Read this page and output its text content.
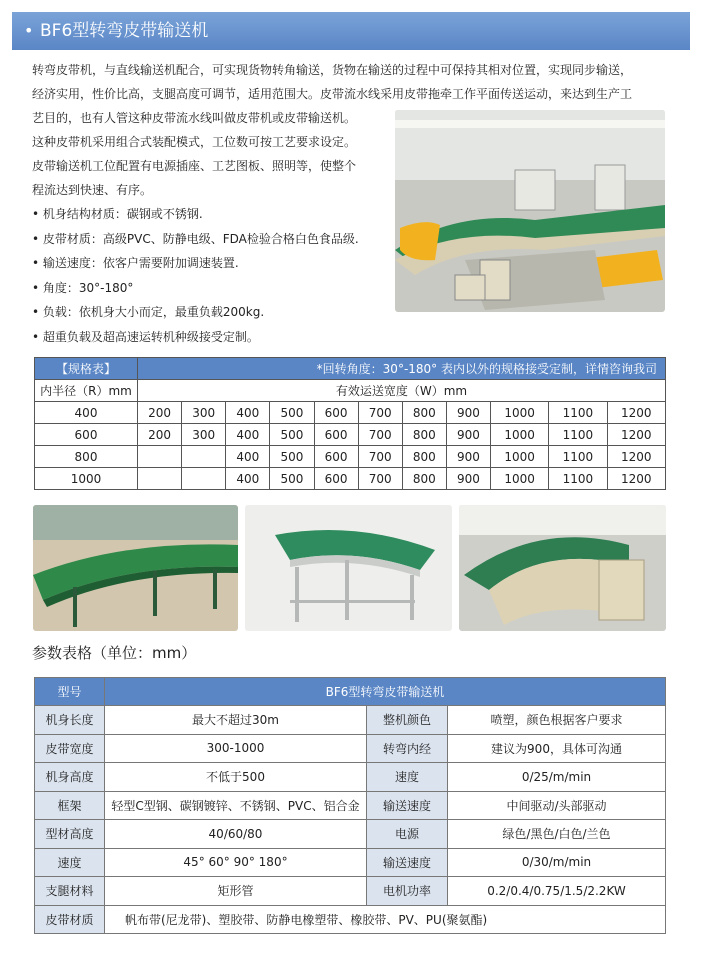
• BF6型转弯皮带输送机

转弯皮带机，与直线输送机配合，可实现货物转角输送，货物在输送的过程中可保持其相对位置，实现同步输送，

经济实用，性价比高，支腿高度可调节，适用范围大。皮带流水线采用皮带拖牵工作平面传送运动，来达到生产工

艺目的，也有人管这种皮带流水线叫做皮带机或皮带输送机。

这种皮带机采用组合式装配模式，工位数可按工艺要求设定。

皮带输送机工位配置有电源插座、工艺图板、照明等，使整个

程流达到快速、有序。

• 机身结构材质：碳钢或不锈钢.
• 皮带材质：高级PVC、防静电级、FDA检验合格白色食品级.
• 输送速度：依客户需要附加调速装置.
• 角度：30°-180°
• 负载：依机身大小而定，最重负载200kg.
• 超重负载及超高速运转机种级接受定制。
【规格表】	*回转角度：30°-180° 表内以外的规格接受定制，详情咨询我司										
内半径（R）mm	有效运送宽度（W）mm										
400	200	300	400	500	600	700	800	900	1000	1100	1200
600	200	300	400	500	600	700	800	900	1000	1100	1200
800			400	500	600	700	800	900	1000	1100	1200
1000			400	500	600	700	800	900	1000	1100	1200
参数表格（单位：mm）
型号	BF6型转弯皮带输送机		
机身长度	最大不超过30m	整机颜色	喷塑，颜色根据客户要求
皮带宽度	300-1000	转弯内经	建议为900，具体可沟通
机身高度	不低于500	速度	0/25/m/min
框架	轻型C型钢、碳钢镀锌、不锈钢、PVC、铝合金	输送速度	中间驱动/头部驱动
型材高度	40/60/80	电源	绿色/黑色/白色/兰色
速度	45° 60° 90° 180°	输送速度	0/30/m/min
支腿材料	矩形管	电机功率	0.2/0.4/0.75/1.5/2.2KW
皮带材质	帆布带(尼龙带)、塑胶带、防静电橡塑带、橡胶带、PV、PU(聚氨酯)		
